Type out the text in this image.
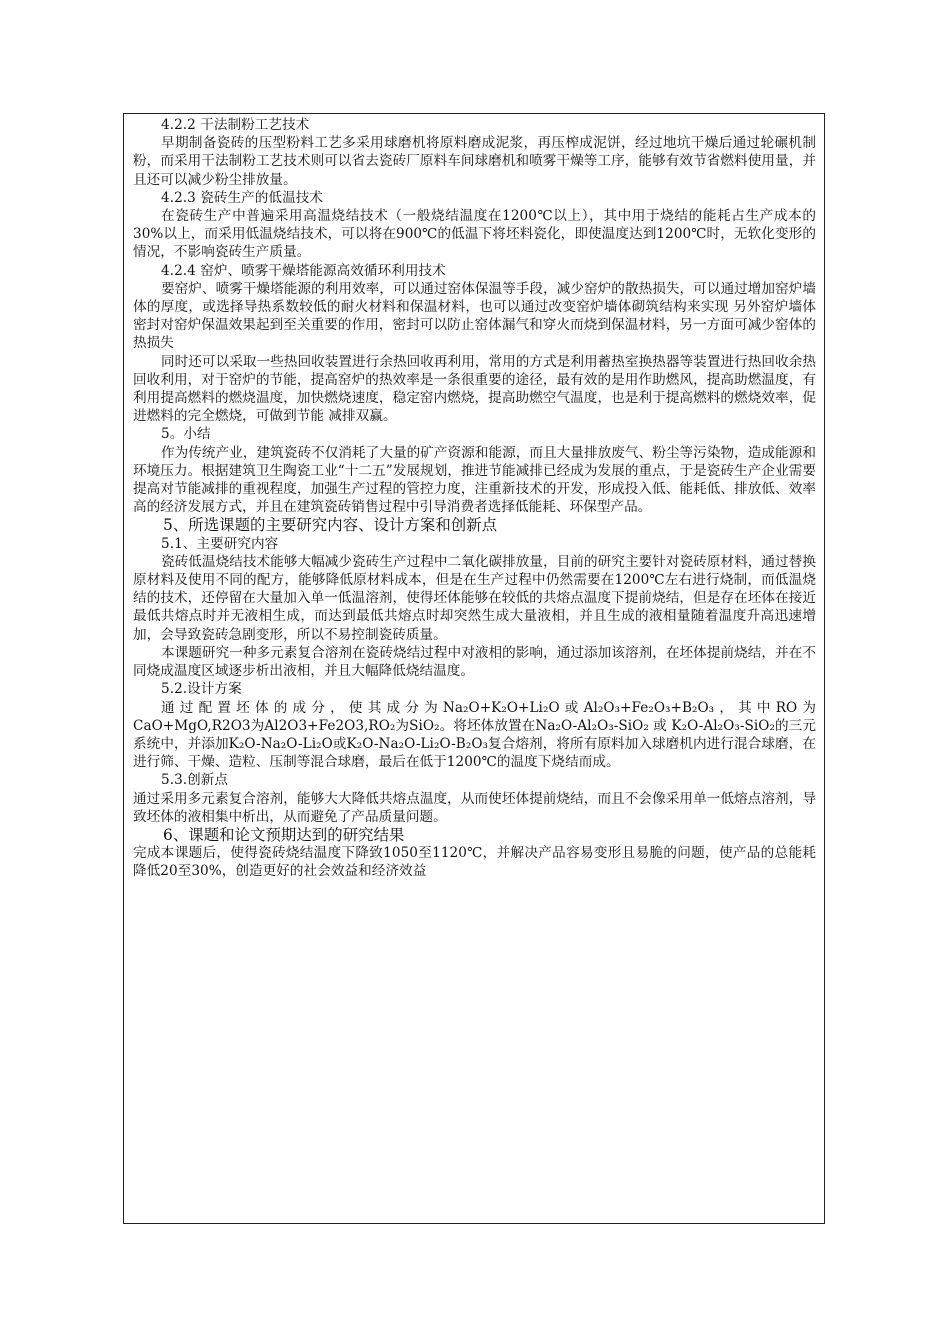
4.2.2 干法制粉工艺技术

早期制备瓷砖的压型粉料工艺多采用球磨机将原料磨成泥浆，再压榨成泥饼，经过地坑干燥后通过轮碾机制粉，而采用干法制粉工艺技术则可以省去瓷砖厂原料车间球磨机和喷雾干燥等工序，能够有效节省燃料使用量，并且还可以减少粉尘排放量。

4.2.3 瓷砖生产的低温技术

在瓷砖生产中普遍采用高温烧结技术（一般烧结温度在1200℃以上），其中用于烧结的能耗占生产成本的30%以上，而采用低温烧结技术，可以将在900℃的低温下将坯料瓷化，即使温度达到1200℃时，无软化变形的情况，不影响瓷砖生产质量。

4.2.4 窑炉、喷雾干燥塔能源高效循环利用技术

要窑炉、喷雾干燥塔能源的利用效率，可以通过窑体保温等手段，减少窑炉的散热损失，可以通过增加窑炉墙体的厚度，或选择导热系数较低的耐火材料和保温材料，也可以通过改变窑炉墙体砌筑结构来实现 另外窑炉墙体密封对窑炉保温效果起到至关重要的作用，密封可以防止窑体漏气和穿火而烧到保温材料，另一方面可减少窑体的热损失

同时还可以采取一些热回收装置进行余热回收再利用，常用的方式是利用蓄热室换热器等装置进行热回收余热回收利用，对于窑炉的节能，提高窑炉的热效率是一条很重要的途径，最有效的是用作助燃风，提高助燃温度，有利用提高燃料的燃烧温度，加快燃烧速度，稳定窑内燃烧，提高助燃空气温度，也是利于提高燃料的燃烧效率，促进燃料的完全燃烧，可做到节能 减排双赢。

5。小结

作为传统产业，建筑瓷砖不仅消耗了大量的矿产资源和能源，而且大量排放废气、粉尘等污染物，造成能源和环境压力。根据建筑卫生陶瓷工业“十二五”发展规划，推进节能减排已经成为发展的重点，于是瓷砖生产企业需要提高对节能减排的重视程度，加强生产过程的管控力度，注重新技术的开发，形成投入低、能耗低、排放低、效率高的经济发展方式，并且在建筑瓷砖销售过程中引导消费者选择低能耗、环保型产品。

5、所选课题的主要研究内容、设计方案和创新点

5.1、主要研究内容

瓷砖低温烧结技术能够大幅减少瓷砖生产过程中二氧化碳排放量，目前的研究主要针对瓷砖原材料，通过替换原材料及使用不同的配方，能够降低原材料成本，但是在生产过程中仍然需要在1200℃左右进行烧制，而低温烧结的技术，还停留在大量加入单一低温溶剂，使得坯体能够在较低的共熔点温度下提前烧结，但是存在坯体在接近最低共熔点时并无液相生成，而达到最低共熔点时却突然生成大量液相，并且生成的液相量随着温度升高迅速增加，会导致瓷砖急剧变形，所以不易控制瓷砖质量。

本课题研究一种多元素复合溶剂在瓷砖烧结过程中对液相的影响，通过添加该溶剂，在坯体提前烧结，并在不同烧成温度区域逐步析出液相，并且大幅降低烧结温度。

5.2.设计方案

通过配置坯体的成分，使其成分为Na₂O+K₂O+Li₂O或Al₂O₃+Fe₂O₃+B₂O₃，其中RO为CaO+MgO,R2O3为Al2O3+Fe2O3,RO₂为SiO₂。将坯体放置在Na₂O-Al₂O₃-SiO₂ 或 K₂O-Al₂O₃-SiO₂的三元系统中，并添加K₂O-Na₂O-Li₂O或K₂O-Na₂O-Li₂O-B₂O₃复合熔剂，将所有原料加入球磨机内进行混合球磨，在进行筛、干燥、造粒、压制等混合球磨，最后在低于1200℃的温度下烧结而成。

5.3.创新点

通过采用多元素复合溶剂，能够大大降低共熔点温度，从而使坯体提前烧结，而且不会像采用单一低熔点溶剂，导致坯体的液相集中析出，从而避免了产品质量问题。

6、课题和论文预期达到的研究结果

完成本课题后，使得瓷砖烧结温度下降致1050至1120℃，并解决产品容易变形且易脆的问题，使产品的总能耗降低20至30%，创造更好的社会效益和经济效益
